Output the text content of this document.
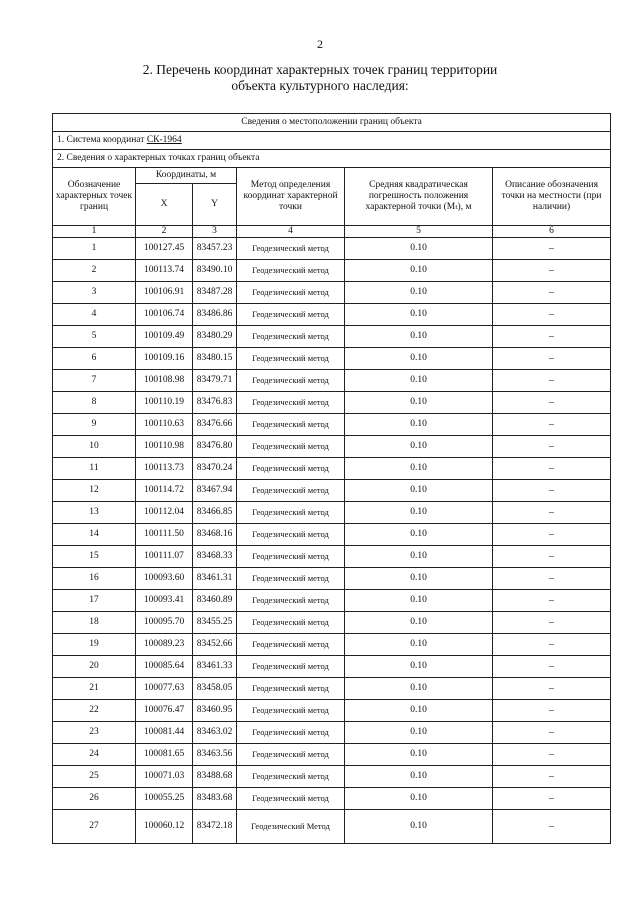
2
2. Перечень координат характерных точек границ территории
объекта культурного наследия:
Сведения о местоположении границ объекта					
1. Система координат СК-1964					
2. Сведения о характерных точках границ объекта					
Обозначение характерных точек границ	Координаты, м		Метод определения координат характерной точки	Средняя квадратическая погрешность положения характерной точки (Mₜ), м	Описание обозначения точки на местности (при наличии)
	X	Y			
1	2	3	4	5	6
1	100127.45	83457.23	Геодезический метод	0.10	–
2	100113.74	83490.10	Геодезический метод	0.10	–
3	100106.91	83487.28	Геодезический метод	0.10	–
4	100106.74	83486.86	Геодезический метод	0.10	–
5	100109.49	83480.29	Геодезический метод	0.10	–
6	100109.16	83480.15	Геодезический метод	0.10	–
7	100108.98	83479.71	Геодезический метод	0.10	–
8	100110.19	83476.83	Геодезический метод	0.10	–
9	100110.63	83476.66	Геодезический метод	0.10	–
10	100110.98	83476.80	Геодезический метод	0.10	–
11	100113.73	83470.24	Геодезический метод	0.10	–
12	100114.72	83467.94	Геодезический метод	0.10	–
13	100112.04	83466.85	Геодезический метод	0.10	–
14	100111.50	83468.16	Геодезический метод	0.10	–
15	100111.07	83468.33	Геодезический метод	0.10	–
16	100093.60	83461.31	Геодезический метод	0.10	–
17	100093.41	83460.89	Геодезический метод	0.10	–
18	100095.70	83455.25	Геодезический метод	0.10	–
19	100089.23	83452.66	Геодезический метод	0.10	–
20	100085.64	83461.33	Геодезический метод	0.10	–
21	100077.63	83458.05	Геодезический метод	0.10	–
22	100076.47	83460.95	Геодезический метод	0.10	–
23	100081.44	83463.02	Геодезический метод	0.10	–
24	100081.65	83463.56	Геодезический метод	0.10	–
25	100071.03	83488.68	Геодезический метод	0.10	–
26	100055.25	83483.68	Геодезический метод	0.10	–
27	100060.12	83472.18	Геодезический Метод	0.10	–
